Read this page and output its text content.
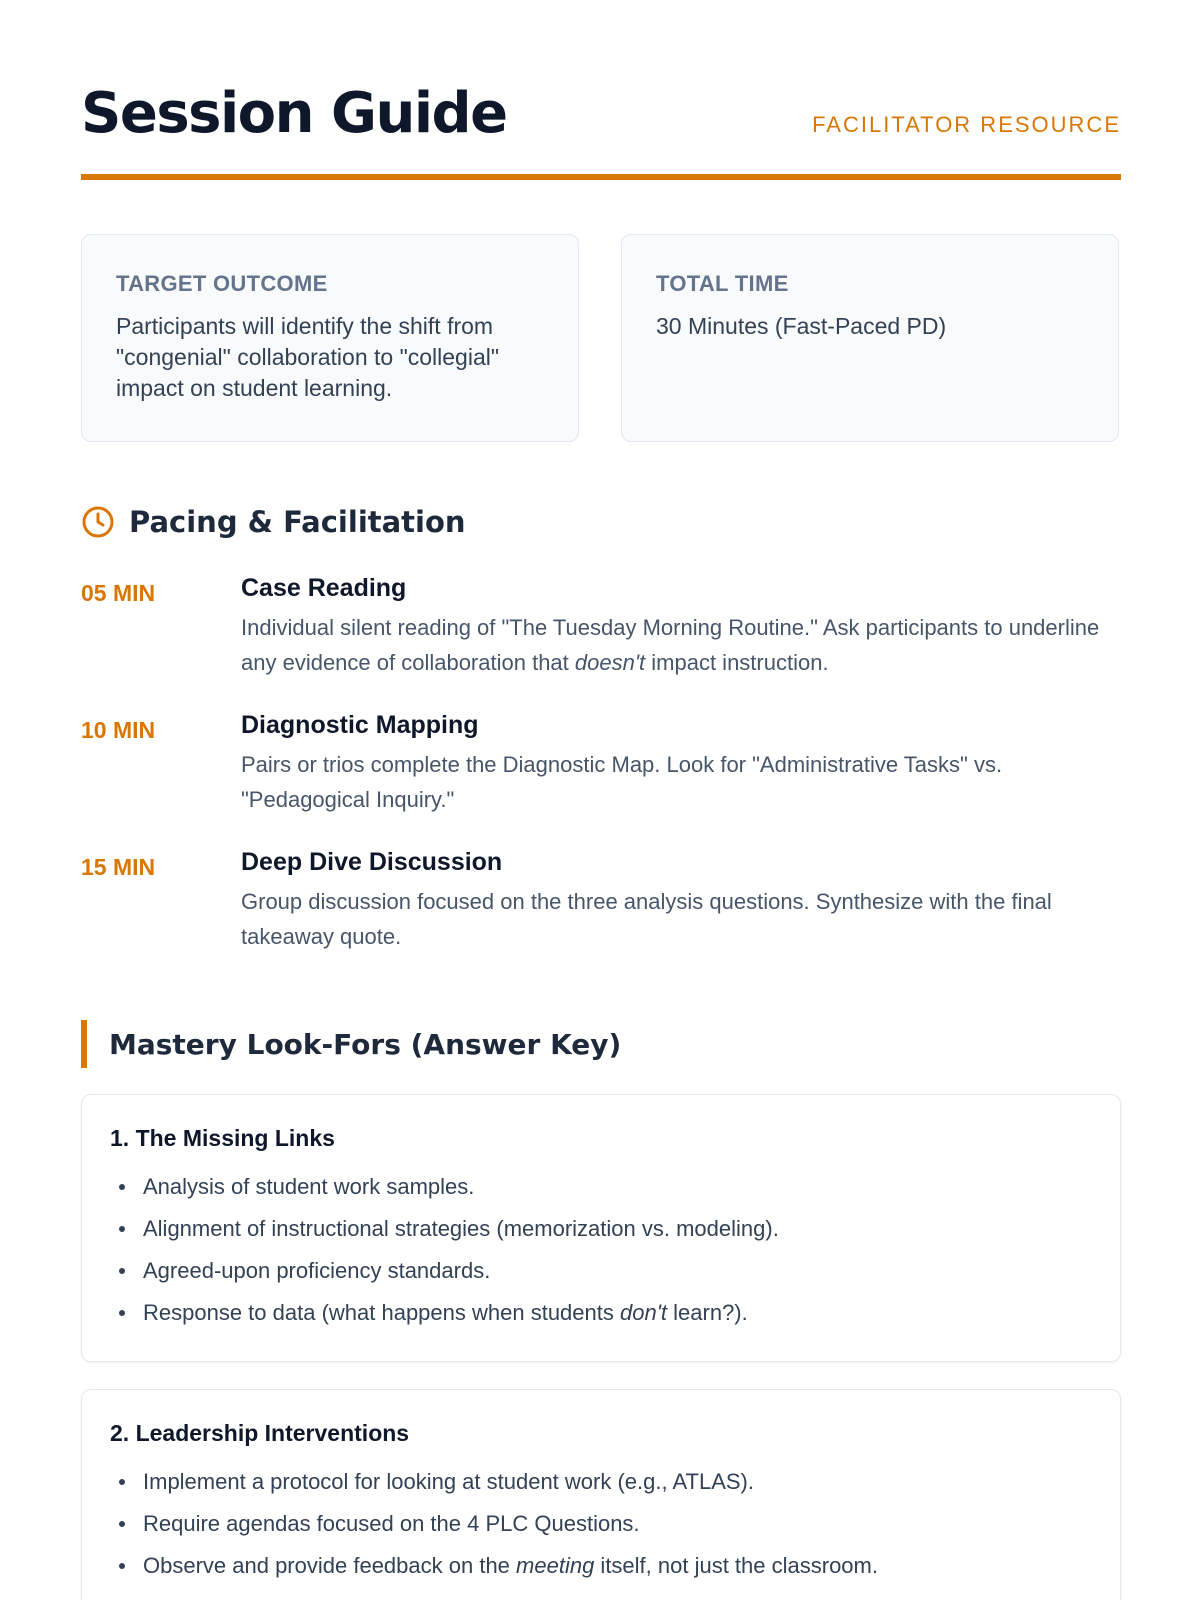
Session Guide	FACILITATOR RESOURCE
TARGET OUTCOME
Participants will identify the shift from "congenial" collaboration to "collegial" impact on student learning.
TOTAL TIME
30 Minutes (Fast-Paced PD)
Pacing & Facilitation
05 MIN	Case Reading
Individual silent reading of "The Tuesday Morning Routine." Ask participants to underline any evidence of collaboration that doesn't impact instruction.
10 MIN	Diagnostic Mapping
Pairs or trios complete the Diagnostic Map. Look for "Administrative Tasks" vs. "Pedagogical Inquiry."
15 MIN	Deep Dive Discussion
Group discussion focused on the three analysis questions. Synthesize with the final takeaway quote.
Mastery Look-Fors (Answer Key)
1. The Missing Links
Analysis of student work samples.
Alignment of instructional strategies (memorization vs. modeling).
Agreed-upon proficiency standards.
Response to data (what happens when students don't learn?).
2. Leadership Interventions
Implement a protocol for looking at student work (e.g., ATLAS).
Require agendas focused on the 4 PLC Questions.
Observe and provide feedback on the meeting itself, not just the classroom.
